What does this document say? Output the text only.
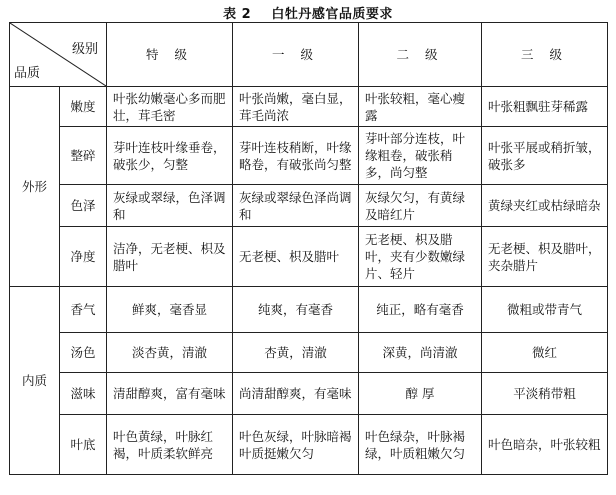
表 2    白牡丹感官品质要求
级别
品质		特 级	一 级	二 级	三 级
外形	嫩度	叶张幼嫩毫心多而肥壮，茸毛密	叶张尚嫩，毫白显，茸毛尚浓	叶张较粗，毫心瘦露	叶张粗飘驻芽稀露
	整碎	芽叶连枝叶缘垂卷，破张少，匀整	芽叶连枝稍断，叶缘略卷，有破张尚匀整	芽叶部分连枝，叶缘粗卷，破张稍多，尚匀整	叶张平展或稍折皱，破张多
	色泽	灰绿或翠绿，色泽调和	灰绿或翠绿色泽尚调和	灰绿欠匀，有黄绿及暗红片	黄绿夹红或枯绿暗杂
	净度	洁净，无老梗、枳及腊叶	无老梗、枳及腊叶	无老梗、枳及腊叶，夹有少数嫩绿片、轻片	无老梗、枳及腊叶，夹杂腊片
内质	香气	鲜爽，毫香显	纯爽，有毫香	纯正，略有毫香	微粗或带青气
	汤色	淡杏黄，清澈	杏黄，清澈	深黄，尚清澈	微红
	滋味	清甜醇爽，富有毫味	尚清甜醇爽，有毫味	醇 厚	平淡稍带粗
	叶底	叶色黄绿，叶脉红褐，叶质柔软鲜亮	叶色灰绿，叶脉暗褐叶质挺嫩欠匀	叶色绿杂，叶脉褐绿，叶质粗嫩欠匀	叶色暗杂，叶张较粗
